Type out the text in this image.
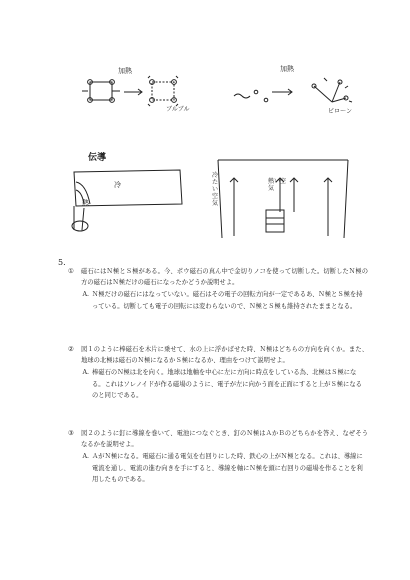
加熱
ブルブル
加熱
ビロ〜ン
伝導
冷
熱
冷たい空気
熱い空気
5.
①	磁石にはＮ極とＳ極がある。今、ボウ磁石の真ん中で金切りノコを使って切断した。切断したＮ極の方の磁石はＮ極だけの磁石になったかどうか説明せよ。
A. Ｎ極だけの磁石にはなっていない。磁石はその電子の回転方向が一定であるあ、Ｎ極とＳ極を持っている。切断しても電子の回転には変わらないので、Ｎ極とＳ極も維持されたままとなる。
②	図１のように棒磁石を木片に乗せて、水の上に浮かばせた時、Ｎ極はどちらの方向を向くか。また、地球の北極は磁石のＮ極になるかＳ極になるか、理由をつけて説明せよ。
A. 棒磁石のＮ極は北を向く。地球は地軸を中心に左に方向に時点をしている為、北極はＳ極になる。これはソレノイドが作る磁場のように、電子が左に向かう面を正面にすると上がＳ極になるのと同じである。
③	図２のように釘に導線を巻いて、電池につなぐとき、釘のＮ極はＡかＢのどちらかを答え、なぜそうなるかを説明せよ。
A. ＡがＮ極になる。電磁石に通る電気を右回りにした時、鉄心の上がＮ極となる。これは、導線に電流を通し、電流の進む向きを手にすると、導線を軸にＮ極を頭に右回りの磁場を作ることを利用したものである。
